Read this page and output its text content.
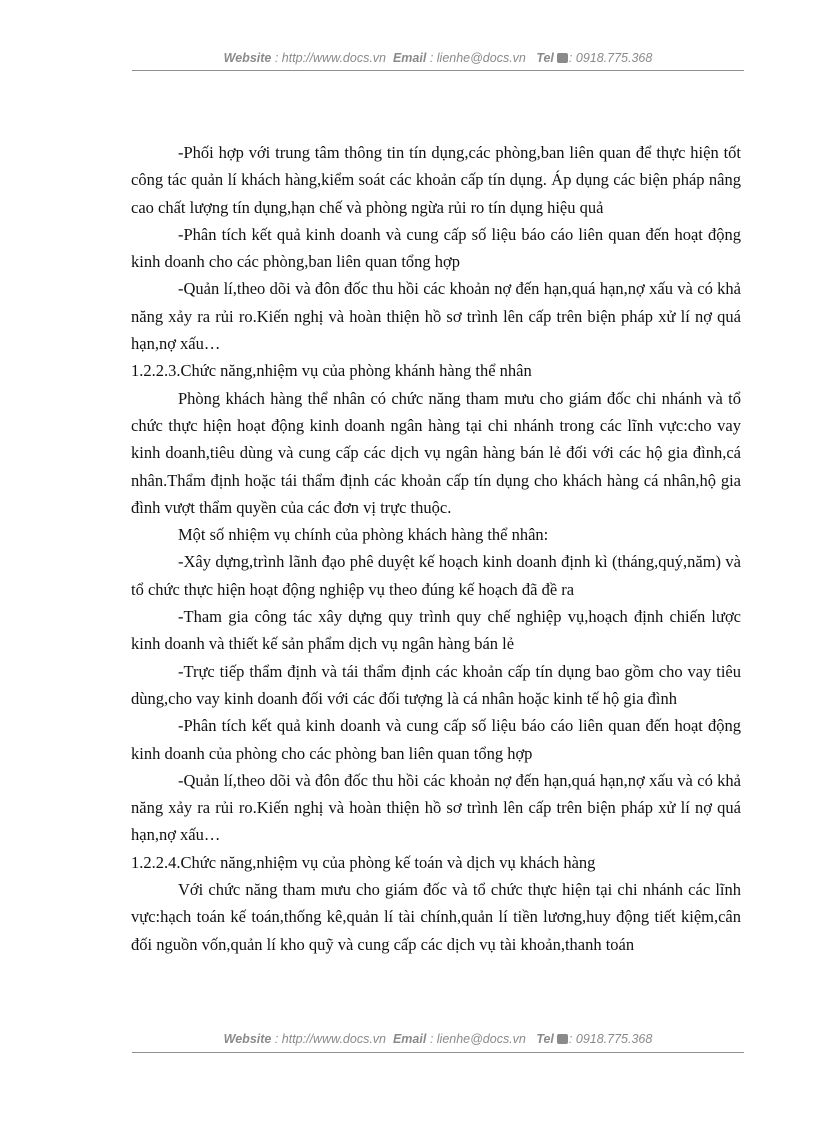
Website : http://www.docs.vn Email : lienhe@docs.vn Tel : 0918.775.368

-Phối hợp với trung tâm thông tin tín dụng,các phòng,ban liên quan để thực hiện tốt công tác quản lí khách hàng,kiểm soát các khoản cấp tín dụng. Áp dụng các biện pháp nâng cao chất lượng tín dụng,hạn chế và phòng ngừa rủi ro tín dụng hiệu quả

-Phân tích kết quả kinh doanh và cung cấp số liệu báo cáo liên quan đến hoạt động kinh doanh cho các phòng,ban liên quan tổng hợp

-Quản lí,theo dõi và đôn đốc thu hồi các khoản nợ đến hạn,quá hạn,nợ xấu và có khả năng xảy ra rủi ro.Kiến nghị và hoàn thiện hồ sơ trình lên cấp trên biện pháp xử lí nợ quá hạn,nợ xấu…

1.2.2.3.Chức năng,nhiệm vụ của phòng khánh hàng thể nhân

Phòng khách hàng thể nhân có chức năng tham mưu cho giám đốc chi nhánh và tổ chức thực hiện hoạt động kinh doanh ngân hàng tại chi nhánh trong các lĩnh vực:cho vay kinh doanh,tiêu dùng và cung cấp các dịch vụ ngân hàng bán lẻ đối với các hộ gia đình,cá nhân.Thẩm định hoặc tái thẩm định các khoản cấp tín dụng cho khách hàng cá nhân,hộ gia đình vượt thẩm quyền của các đơn vị trực thuộc.

Một số nhiệm vụ chính của phòng khách hàng thể nhân:

-Xây dựng,trình lãnh đạo phê duyệt kế hoạch kinh doanh định kì (tháng,quý,năm) và tổ chức thực hiện hoạt động nghiệp vụ theo đúng kế hoạch đã đề ra

-Tham gia công tác xây dựng quy trình quy chế nghiệp vụ,hoạch định chiến lược kinh doanh và thiết kế sản phẩm dịch vụ ngân hàng bán lẻ

-Trực tiếp thẩm định và tái thẩm định các khoản cấp tín dụng bao gồm cho vay tiêu dùng,cho vay kinh doanh đối với các đối tượng là cá nhân hoặc kinh tế hộ gia đình

-Phân tích kết quả kinh doanh và cung cấp số liệu báo cáo liên quan đến hoạt động kinh doanh của phòng cho các phòng ban liên quan tổng hợp

-Quản lí,theo dõi và đôn đốc thu hồi các khoản nợ đến hạn,quá hạn,nợ xấu và có khả năng xảy ra rủi ro.Kiến nghị và hoàn thiện hồ sơ trình lên cấp trên biện pháp xử lí nợ quá hạn,nợ xấu…

1.2.2.4.Chức năng,nhiệm vụ của phòng kế toán và dịch vụ khách hàng

Với chức năng tham mưu cho giám đốc và tổ chức thực hiện tại chi nhánh các lĩnh vực:hạch toán kế toán,thống kê,quản lí tài chính,quản lí tiền lương,huy động tiết kiệm,cân đối nguồn vốn,quản lí kho quỹ và cung cấp các dịch vụ tài khoản,thanh toán

Website : http://www.docs.vn Email : lienhe@docs.vn Tel : 0918.775.368
